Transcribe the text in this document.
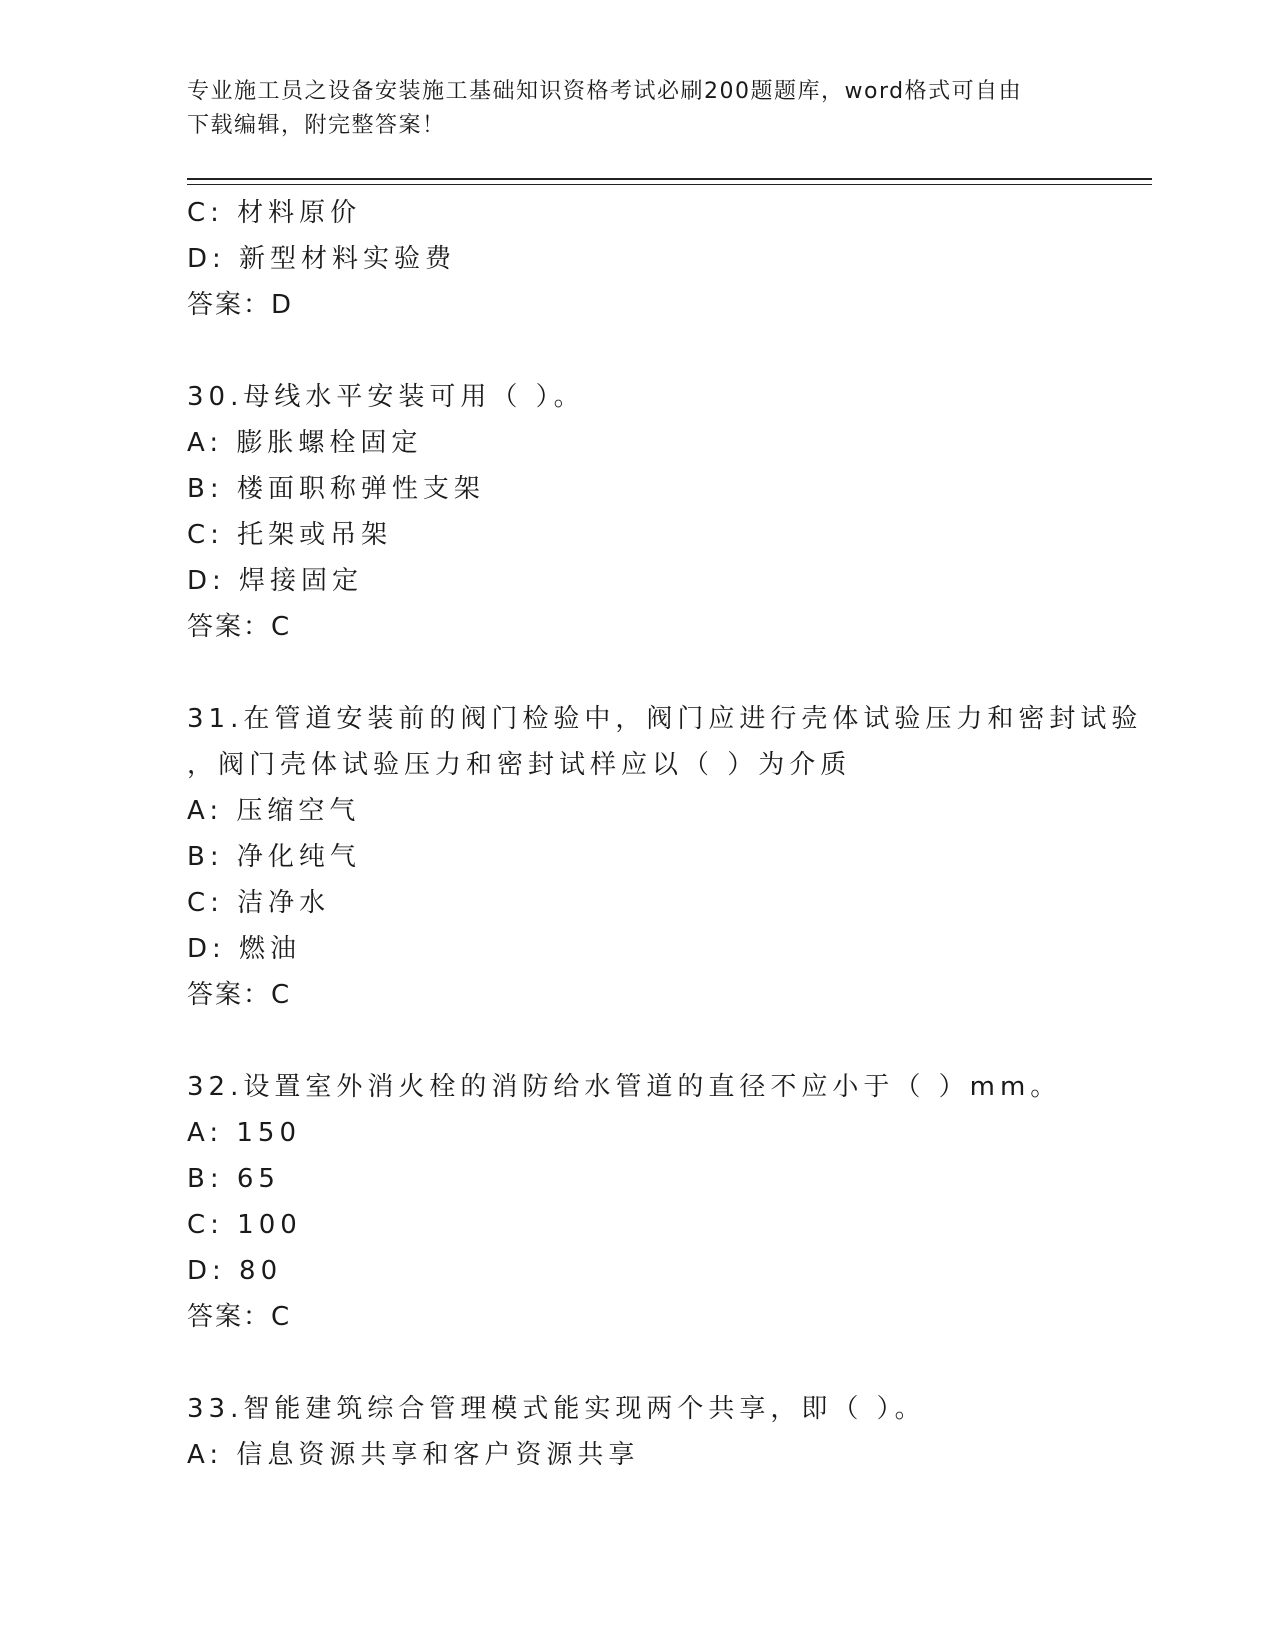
专业施工员之设备安装施工基础知识资格考试必刷200题题库，word格式可自由
下载编辑，附完整答案！
C: 材料原价
D: 新型材料实验费
答案：D
30.母线水平安装可用（ ）。
A: 膨胀螺栓固定
B: 楼面职称弹性支架
C: 托架或吊架
D: 焊接固定
答案：C
31.在管道安装前的阀门检验中，阀门应进行壳体试验压力和密封试验
，阀门壳体试验压力和密封试样应以（ ）为介质
A: 压缩空气
B: 净化纯气
C: 洁净水
D: 燃油
答案：C
32.设置室外消火栓的消防给水管道的直径不应小于（ ）mm。
A: 150
B: 65
C: 100
D: 80
答案：C
33.智能建筑综合管理模式能实现两个共享，即（ ）。
A: 信息资源共享和客户资源共享
